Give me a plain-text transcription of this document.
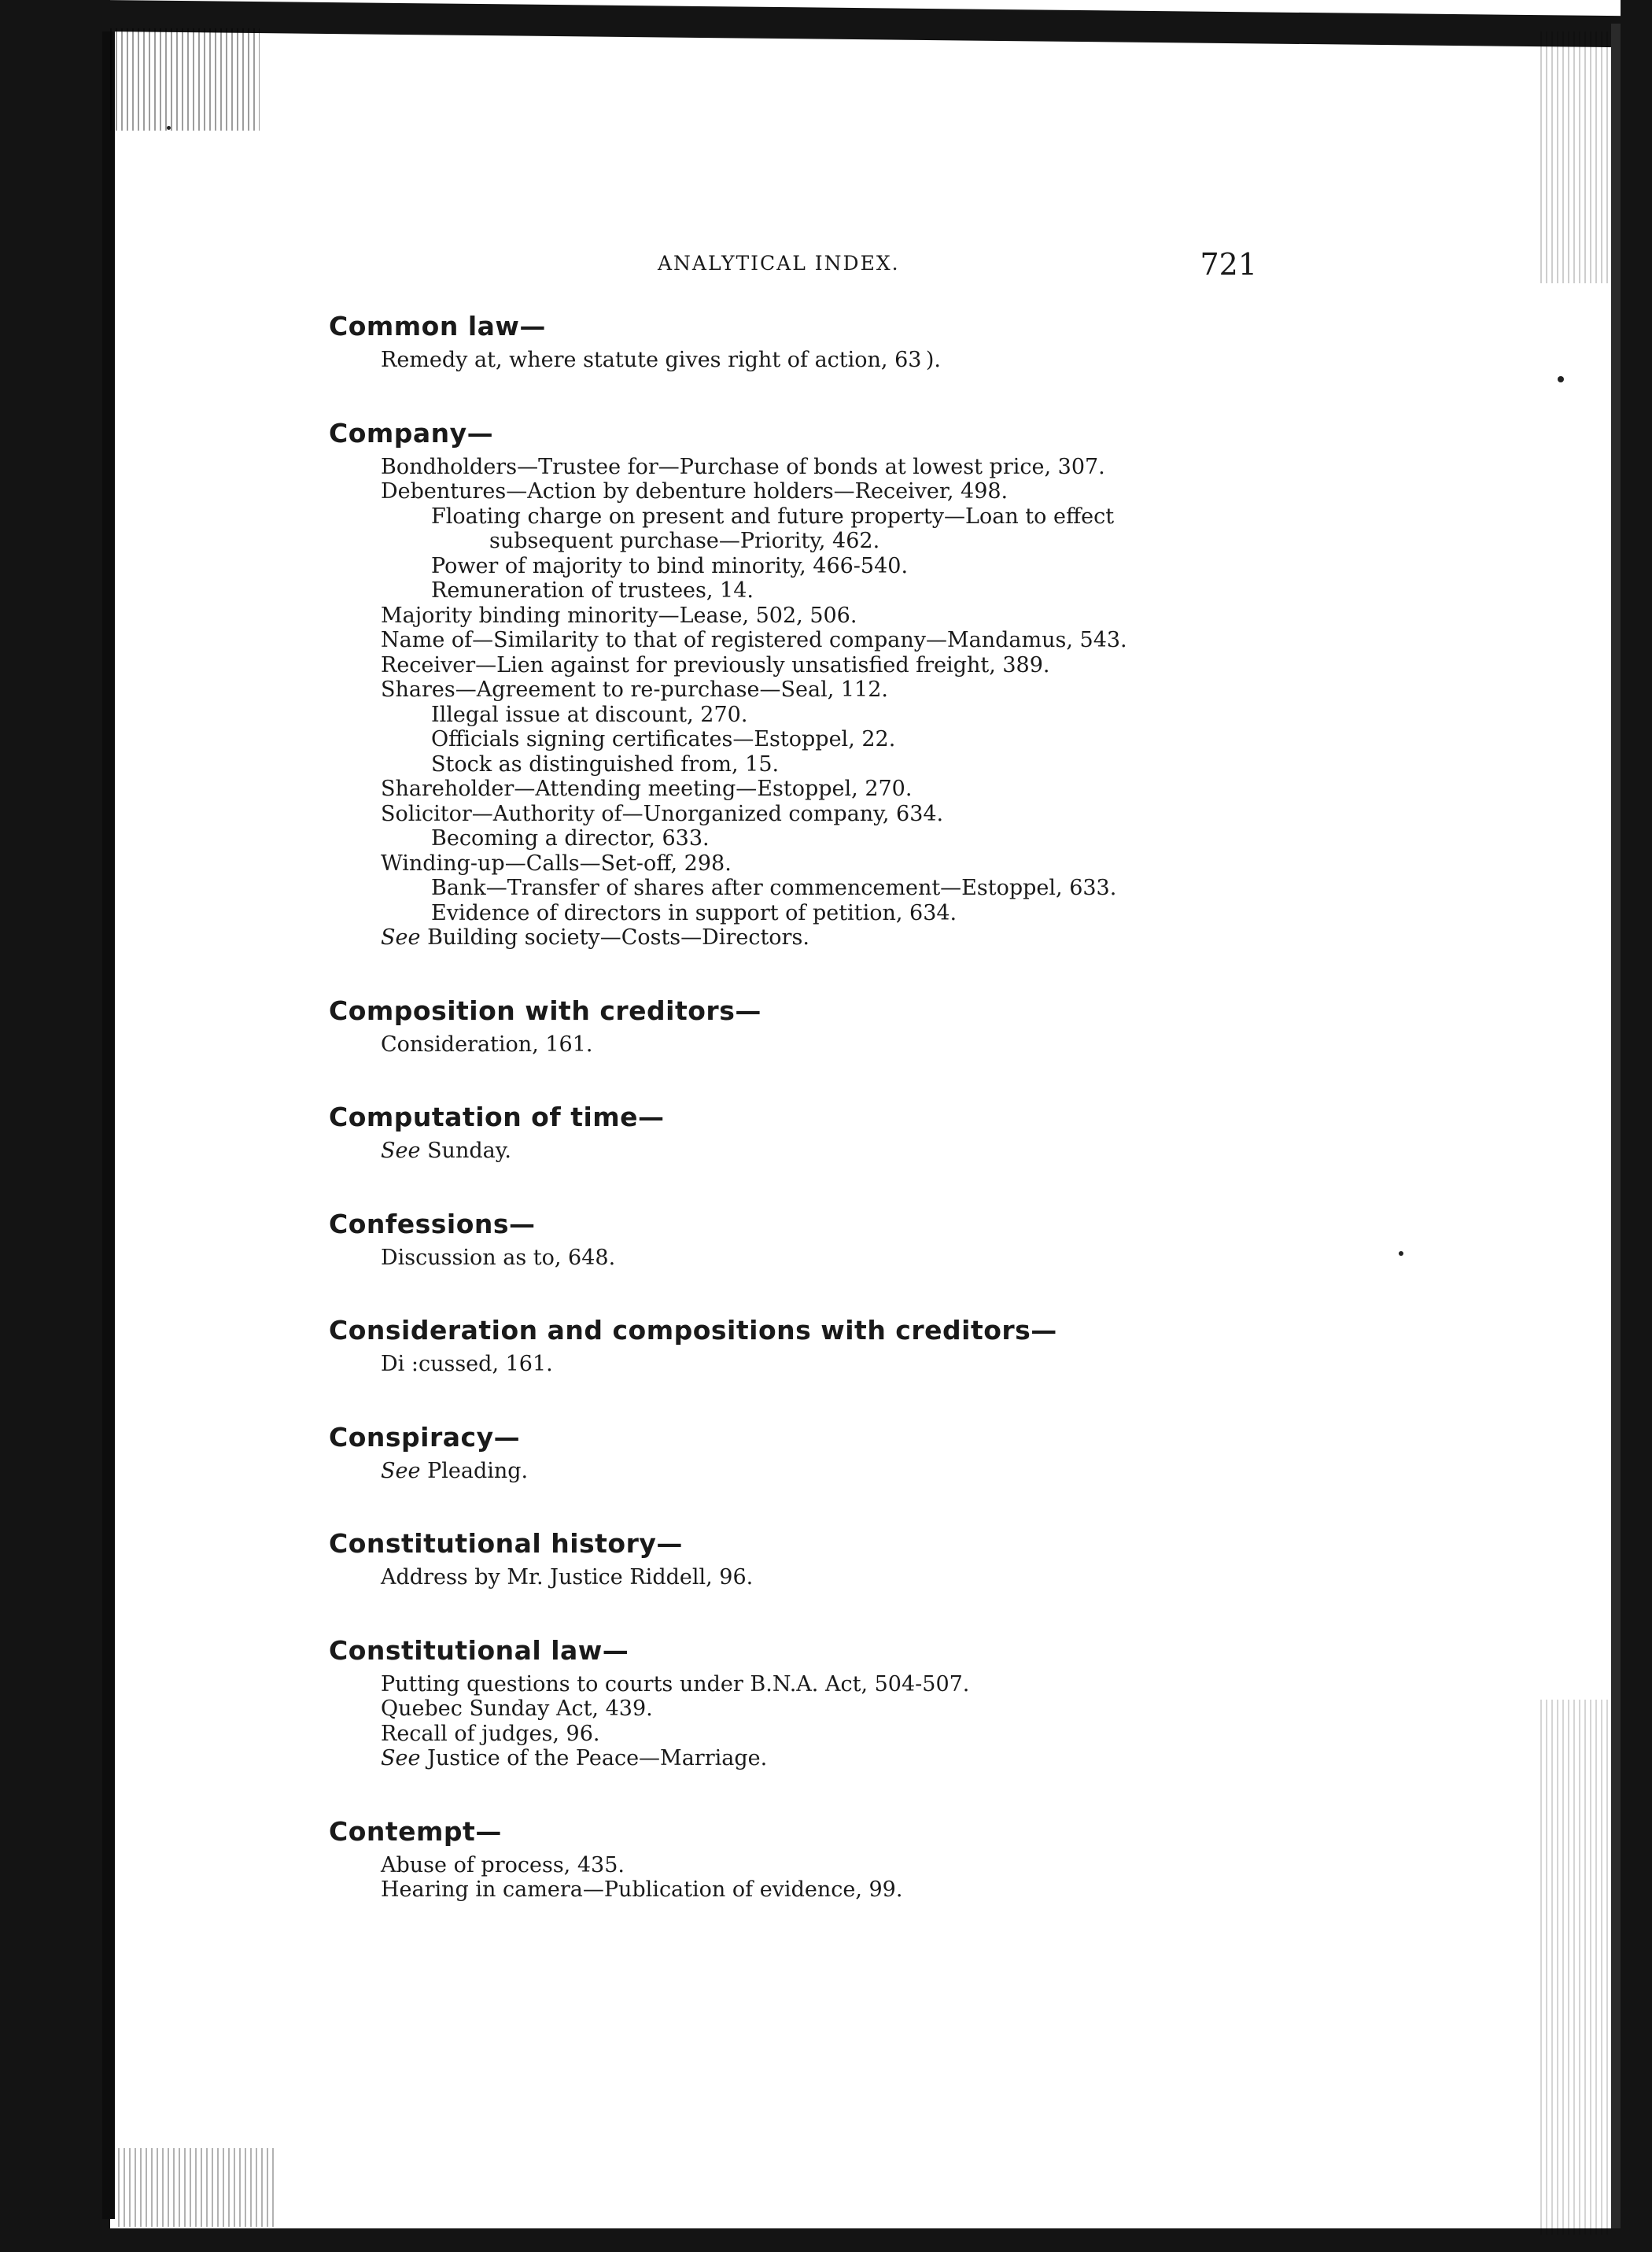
ANALYTICAL INDEX.	721
Common law—
Remedy at, where statute gives right of action, 63 ).
Company—
Bondholders—Trustee for—Purchase of bonds at lowest price, 307.
Debentures—Action by debenture holders—Receiver, 498.
Floating charge on present and future property—Loan to effect
subsequent purchase—Priority, 462.
Power of majority to bind minority, 466-540.
Remuneration of trustees, 14.
Majority binding minority—Lease, 502, 506.
Name of—Similarity to that of registered company—Mandamus, 543.
Receiver—Lien against for previously unsatisfied freight, 389.
Shares—Agreement to re-purchase—Seal, 112.
Illegal issue at discount, 270.
Officials signing certificates—Estoppel, 22.
Stock as distinguished from, 15.
Shareholder—Attending meeting—Estoppel, 270.
Solicitor—Authority of—Unorganized company, 634.
Becoming a director, 633.
Winding-up—Calls—Set-off, 298.
Bank—Transfer of shares after commencement—Estoppel, 633.
Evidence of directors in support of petition, 634.
See Building society—Costs—Directors.
Composition with creditors—
Consideration, 161.
Computation of time—
See Sunday.
Confessions—
Discussion as to, 648.
Consideration and compositions with creditors—
Di :cussed, 161.
Conspiracy—
See Pleading.
Constitutional history—
Address by Mr. Justice Riddell, 96.
Constitutional law—
Putting questions to courts under B.N.A. Act, 504-507.
Quebec Sunday Act, 439.
Recall of judges, 96.
See Justice of the Peace—Marriage.
Contempt—
Abuse of process, 435.
Hearing in camera—Publication of evidence, 99.
